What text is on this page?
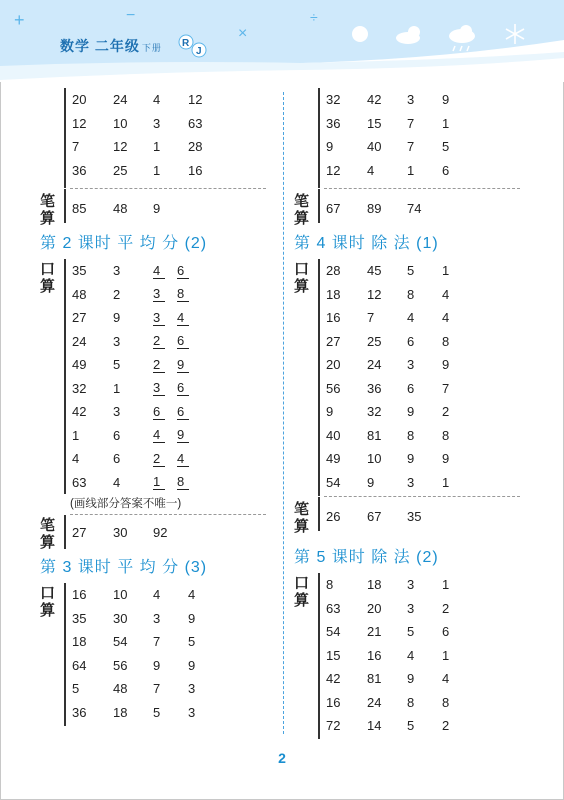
+	−
×
÷
R
J
数学 二年级 下册
20	24	4	12
12	10	3	63
7	12	1	28
36	25	1	16
笔
算
85	48	9
第 2 课时 平 均 分 (2)
口
算
35	3	4	6
48	2	3	8
27	9	3	4
24	3	2	6
49	5	2	9
32	1	3	6
42	3	6	6
1	6	4	9
4	6	2	4
63	4	1	8
(画线部分答案不唯一)
笔
算
27	30	92
第 3 课时 平 均 分 (3)
口
算
16	10	4	4
35	30	3	9
18	54	7	5
64	56	9	9
5	48	7	3
36	18	5	3
32	42	3	9
36	15	7	1
9	40	7	5
12	4	1	6
笔
算
67	89	74
第 4 课时 除 法 (1)
口
算
28	45	5	1
18	12	8	4
16	7	4	4
27	25	6	8
20	24	3	9
56	36	6	7
9	32	9	2
40	81	8	8
49	10	9	9
54	9	3	1
笔
算
26	67	35
第 5 课时 除 法 (2)
口
算
8	18	3	1
63	20	3	2
54	21	5	6
15	16	4	1
42	81	9	4
16	24	8	8
72	14	5	2
2
